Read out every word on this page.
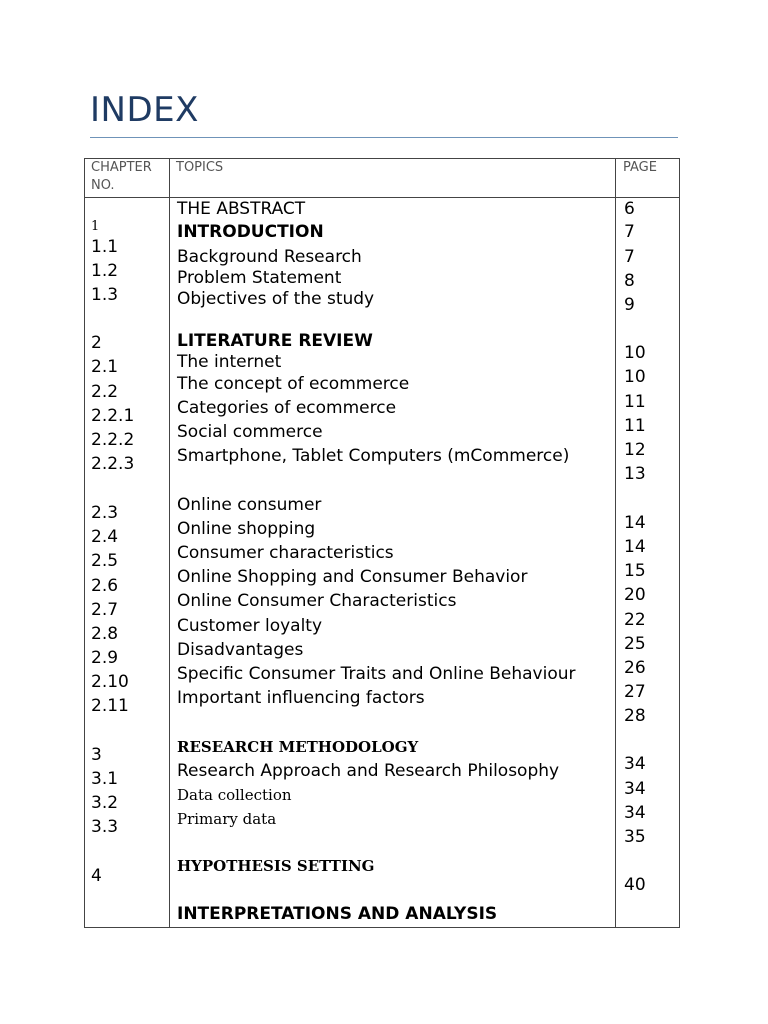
INDEX
CHAPTER NO.
TOPICS	PAGE
1
1.1
1.2
1.3
2
2.1
2.2
2.2.1
2.2.2
2.2.3
2.3
2.4
2.5
2.6
2.7
2.8
2.9
2.10
2.11
3
3.1
3.2
3.3
4
THE ABSTRACT
INTRODUCTION
Background Research
Problem Statement
Objectives of the study
LITERATURE REVIEW
The internet
The concept of ecommerce
Categories of ecommerce
Social commerce
Smartphone, Tablet Computers (mCommerce)
Online consumer
Online shopping
Consumer characteristics
Online Shopping and Consumer Behavior
Online Consumer Characteristics
Customer loyalty
Disadvantages
Specific Consumer Traits and Online Behaviour
Important influencing factors
RESEARCH METHODOLOGY
Research Approach and Research Philosophy
Data collection
Primary data
HYPOTHESIS SETTING
INTERPRETATIONS AND ANALYSIS
6
7
7
8
9
10
10
11
11
12
13
14
14
15
20
22
25
26
27
28
34
34
34
35
40
